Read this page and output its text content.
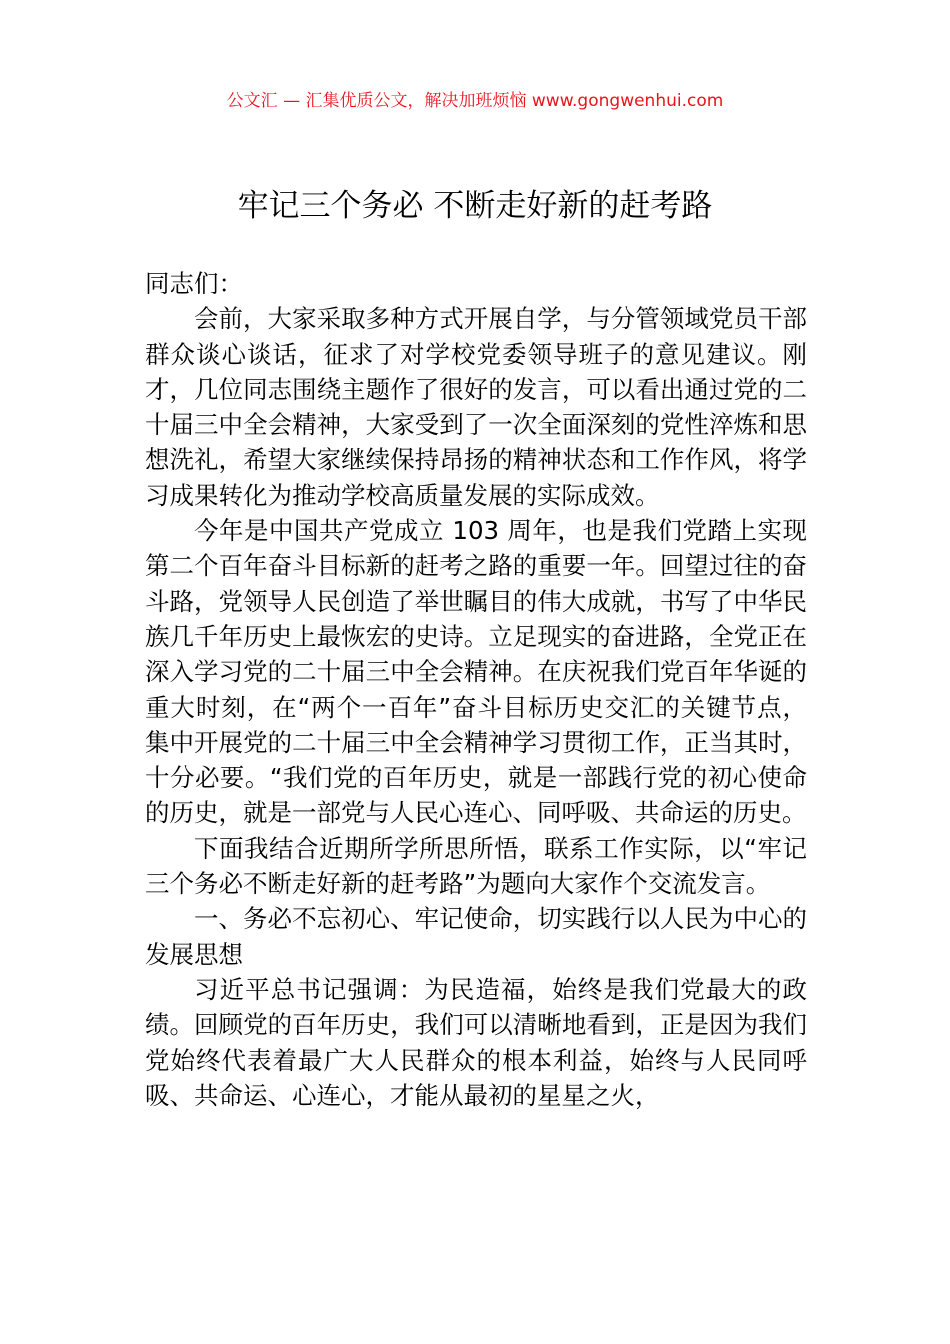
公文汇 — 汇集优质公文，解决加班烦恼 www.gongwenhui.com
牢记三个务必 不断走好新的赶考路

同志们：

会前，大家采取多种方式开展自学，与分管领域党员干部群众谈心谈话，征求了对学校党委领导班子的意见建议。刚才，几位同志围绕主题作了很好的发言，可以看出通过党的二十届三中全会精神，大家受到了一次全面深刻的党性淬炼和思想洗礼，希望大家继续保持昂扬的精神状态和工作作风，将学习成果转化为推动学校高质量发展的实际成效。

今年是中国共产党成立 103 周年，也是我们党踏上实现第二个百年奋斗目标新的赶考之路的重要一年。回望过往的奋斗路，党领导人民创造了举世瞩目的伟大成就，书写了中华民族几千年历史上最恢宏的史诗。立足现实的奋进路，全党正在深入学习党的二十届三中全会精神。在庆祝我们党百年华诞的重大时刻，在“两个一百年”奋斗目标历史交汇的关键节点，集中开展党的二十届三中全会精神学习贯彻工作，正当其时，十分必要。“我们党的百年历史，就是一部践行党的初心使命的历史，就是一部党与人民心连心、同呼吸、共命运的历史。

下面我结合近期所学所思所悟，联系工作实际，以“牢记三个务必不断走好新的赶考路”为题向大家作个交流发言。

一、务必不忘初心、牢记使命，切实践行以人民为中心的发展思想

习近平总书记强调：为民造福，始终是我们党最大的政绩。回顾党的百年历史，我们可以清晰地看到，正是因为我们党始终代表着最广大人民群众的根本利益，始终与人民同呼吸、共命运、心连心，才能从最初的星星之火，
